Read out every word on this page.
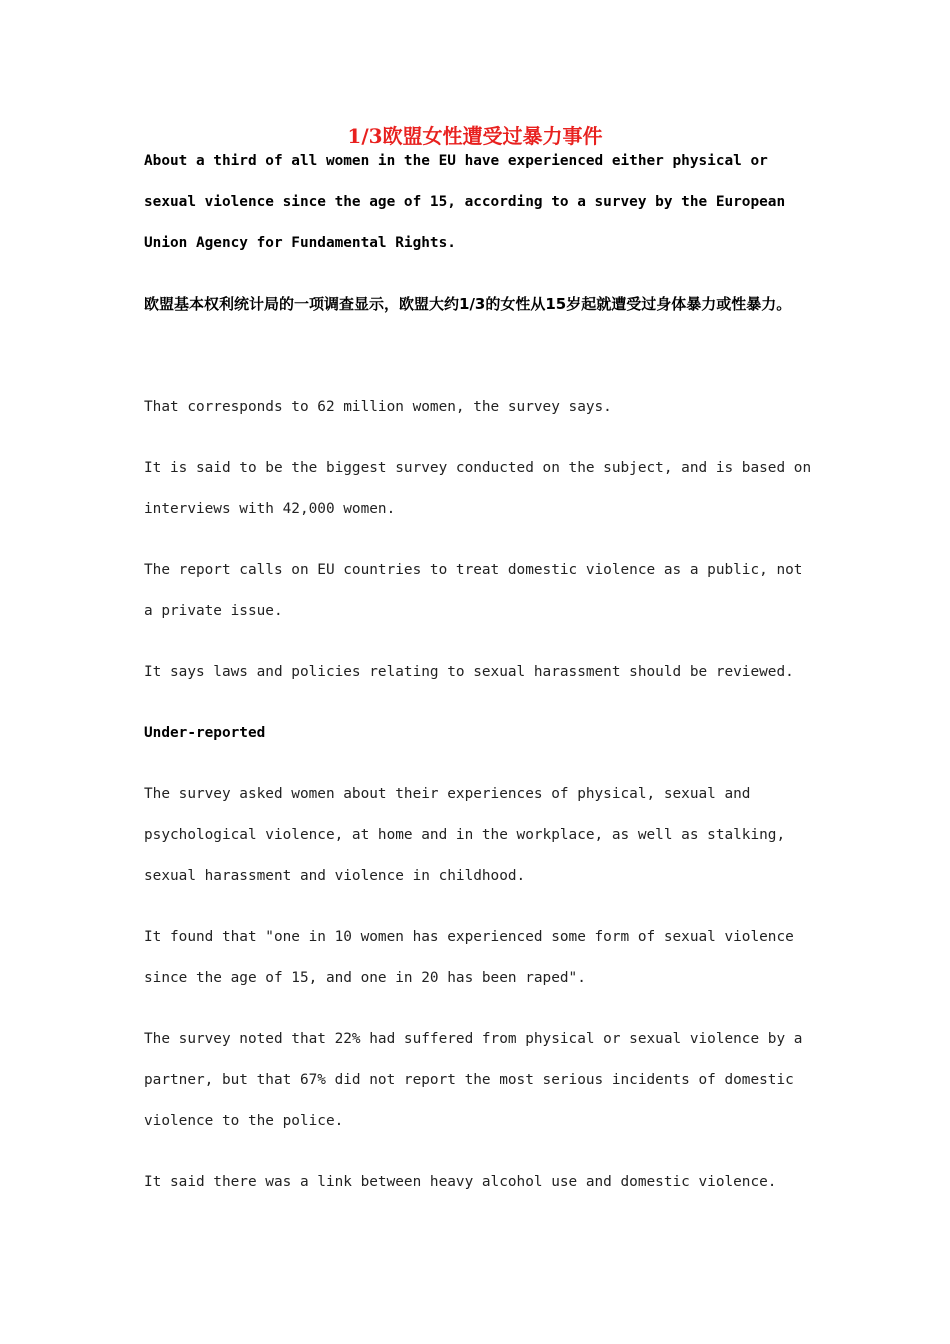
1/3欧盟女性遭受过暴力事件
About a third of all women in the EU have experienced either physical or sexual violence since the age of 15, according to a survey by the European Union Agency for Fundamental Rights.
欧盟基本权利统计局的一项调查显示，欧盟大约1/3的女性从15岁起就遭受过身体暴力或性暴力。
That corresponds to 62 million women, the survey says.
It is said to be the biggest survey conducted on the subject, and is based on interviews with 42,000 women.
The report calls on EU countries to treat domestic violence as a public, not a private issue.
It says laws and policies relating to sexual harassment should be reviewed.
Under-reported
The survey asked women about their experiences of physical, sexual and psychological violence, at home and in the workplace, as well as stalking, sexual harassment and violence in childhood.
It found that "one in 10 women has experienced some form of sexual violence since the age of 15, and one in 20 has been raped".
The survey noted that 22% had suffered from physical or sexual violence by a partner, but that 67% did not report the most serious incidents of domestic violence to the police.
It said there was a link between heavy alcohol use and domestic violence.
